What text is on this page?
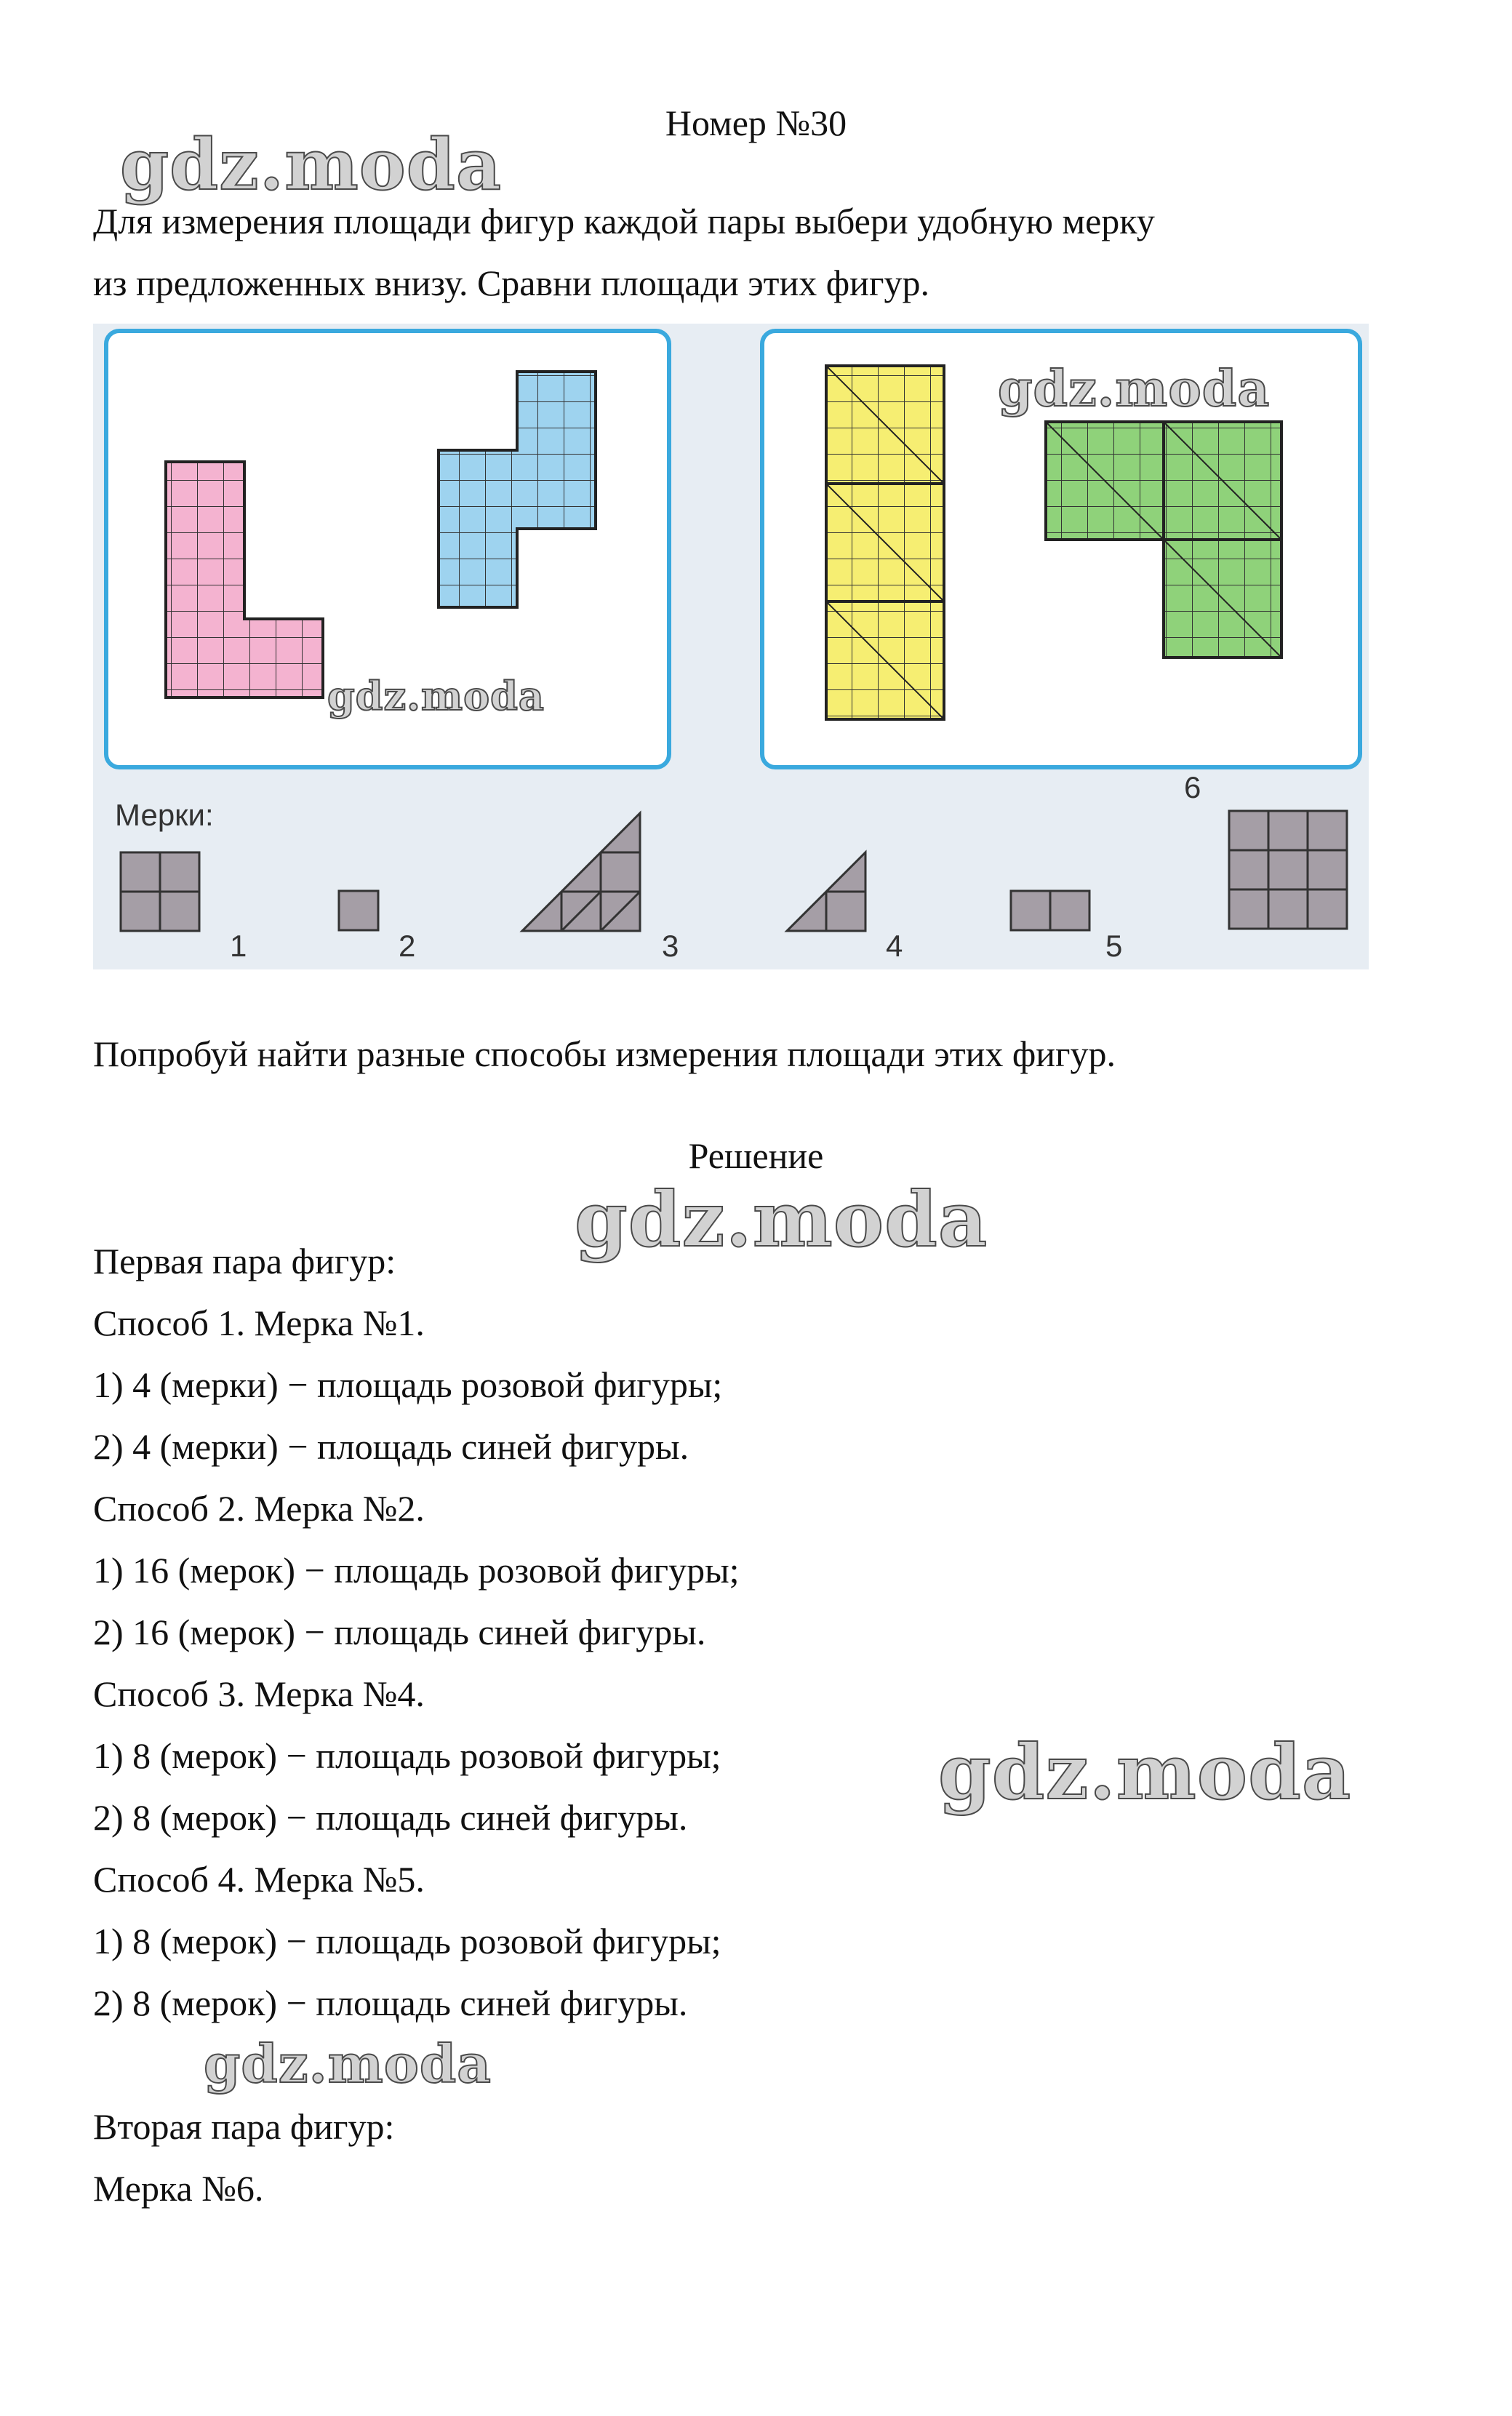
Номер №30
gdz.moda
Для измерения площади фигур каждой пары выбери удобную мерку
из предложенных внизу. Сравни площади этих фигур.
Мерки:
1	2	3	4	5
6
gdz.moda
gdz.moda
Попробуй найти разные способы измерения площади этих фигур.
Решение
gdz.moda
Первая пара фигур:
Способ 1. Мерка №1.
1) 4 (мерки) − площадь розовой фигуры;
2) 4 (мерки) − площадь синей фигуры.
Способ 2. Мерка №2.
1) 16 (мерок) − площадь розовой фигуры;
2) 16 (мерок) − площадь синей фигуры.
Способ 3. Мерка №4.
1) 8 (мерок) − площадь розовой фигуры;
2) 8 (мерок) − площадь синей фигуры.
Способ 4. Мерка №5.
1) 8 (мерок) − площадь розовой фигуры;
2) 8 (мерок) − площадь синей фигуры.
gdz.moda
gdz.moda
Вторая пара фигур:
Мерка №6.
